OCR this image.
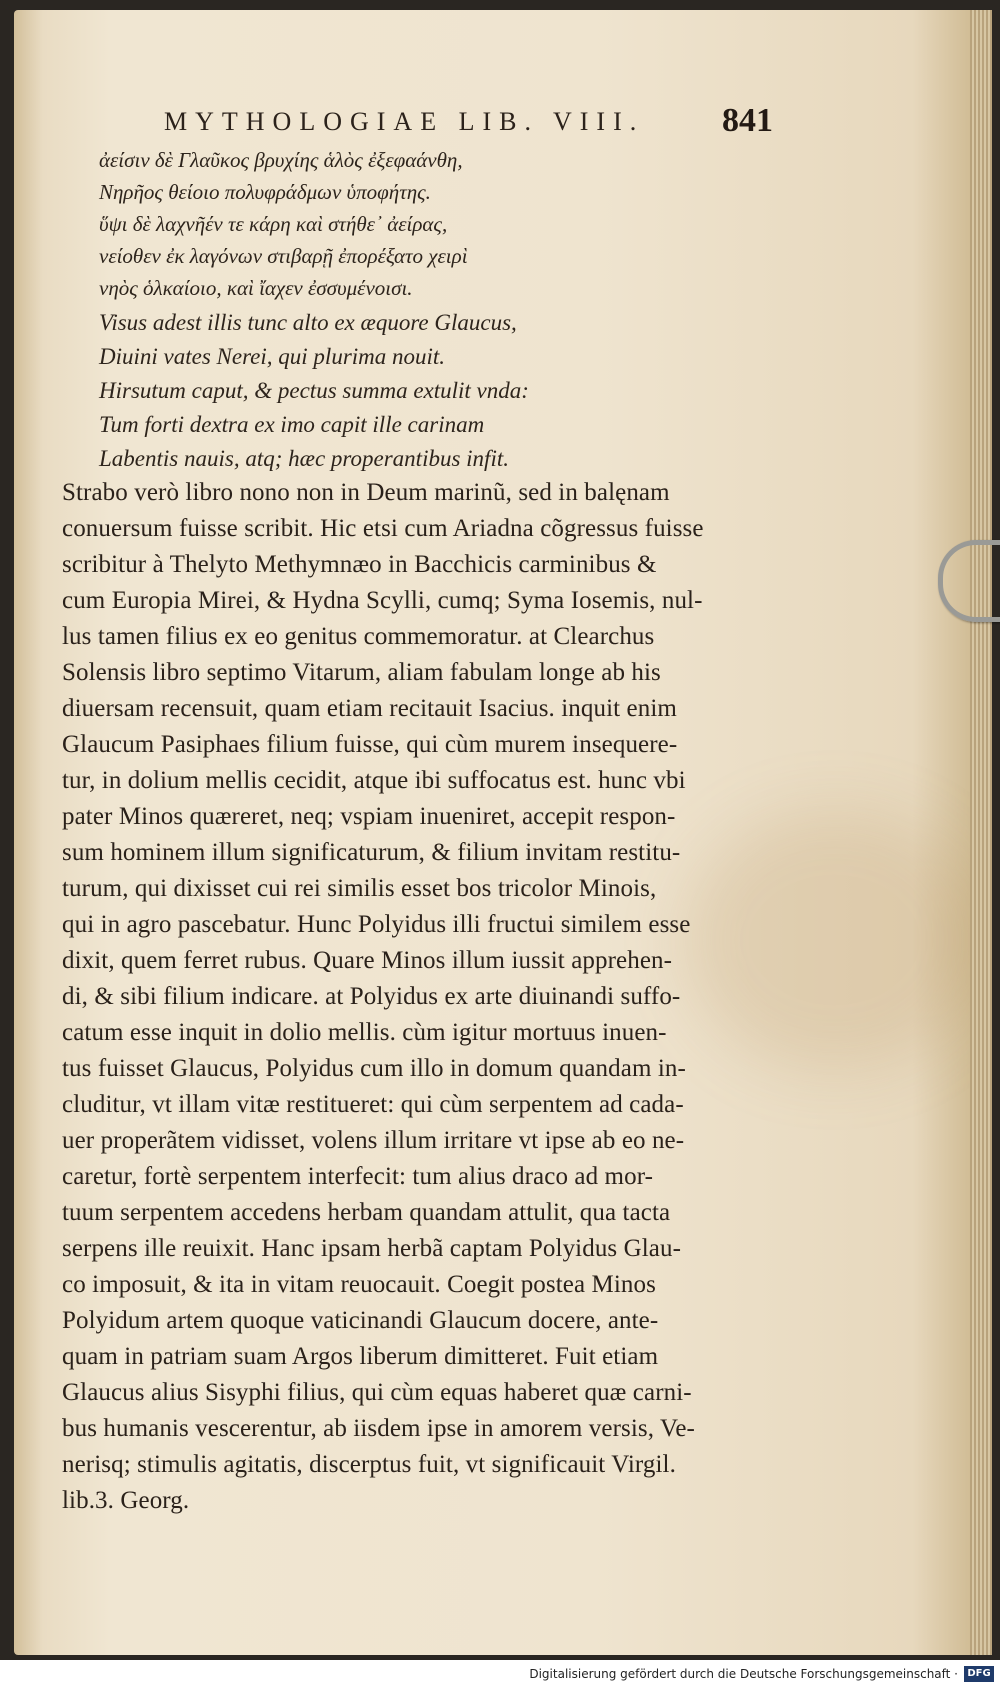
MYTHOLOGIAE LIB. VIII.	841
ἀείσιν δὲ Γλαῦκος βρυχίης ἁλὸς ἐξεφαάνθη,
Νηρῆος θείοιο πολυφράδμων ὑποφήτης.
ὕψι δὲ λαχνῆέν τε κάρη καὶ στήθε᾽ ἀείρας,
νείοθεν ἐκ λαγόνων στιβαρῇ ἐπορέξατο χειρὶ
νηὸς ὁλκαίοιο, καὶ ἴαχεν ἐσσυμένοισι.
Visus adest illis tunc alto ex æquore Glaucus,
Diuini vates Nerei, qui plurima nouit.
Hirsutum caput, & pectus summa extulit vnda:
Tum forti dextra ex imo capit ille carinam
Labentis nauis, atq; hæc properantibus infit.
Strabo verò libro nono non in Deum marinũ, sed in balęnam
conuersum fuisse scribit. Hic etsi cum Ariadna cõgressus fuisse
scribitur à Thelyto Methymnæo in Bacchicis carminibus &
cum Europia Mirei, & Hydna Scylli, cumq; Syma Iosemis, nul-
lus tamen filius ex eo genitus commemoratur. at Clearchus
Solensis libro septimo Vitarum, aliam fabulam longe ab his
diuersam recensuit, quam etiam recitauit Isacius. inquit enim
Glaucum Pasiphaes filium fuisse, qui cùm murem insequere-
tur, in dolium mellis cecidit, atque ibi suffocatus est. hunc vbi
pater Minos quæreret, neq; vspiam inueniret, accepit respon-
sum hominem illum significaturum, & filium invitam restitu-
turum, qui dixisset cui rei similis esset bos tricolor Minois,
qui in agro pascebatur. Hunc Polyidus illi fructui similem esse
dixit, quem ferret rubus. Quare Minos illum iussit apprehen-
di, & sibi filium indicare. at Polyidus ex arte diuinandi suffo-
catum esse inquit in dolio mellis. cùm igitur mortuus inuen-
tus fuisset Glaucus, Polyidus cum illo in domum quandam in-
cluditur, vt illam vitæ restitueret: qui cùm serpentem ad cada-
uer properãtem vidisset, volens illum irritare vt ipse ab eo ne-
caretur, fortè serpentem interfecit: tum alius draco ad mor-
tuum serpentem accedens herbam quandam attulit, qua tacta
serpens ille reuixit. Hanc ipsam herbã captam Polyidus Glau-
co imposuit, & ita in vitam reuocauit. Coegit postea Minos
Polyidum artem quoque vaticinandi Glaucum docere, ante-
quam in patriam suam Argos liberum dimitteret. Fuit etiam
Glaucus alius Sisyphi filius, qui cùm equas haberet quæ carni-
bus humanis vescerentur, ab iisdem ipse in amorem versis, Ve-
nerisq; stimulis agitatis, discerptus fuit, vt significauit Virgil.
lib.3. Georg.
Digitalisierung gefördert durch die Deutsche Forschungsgemeinschaft · DFG
